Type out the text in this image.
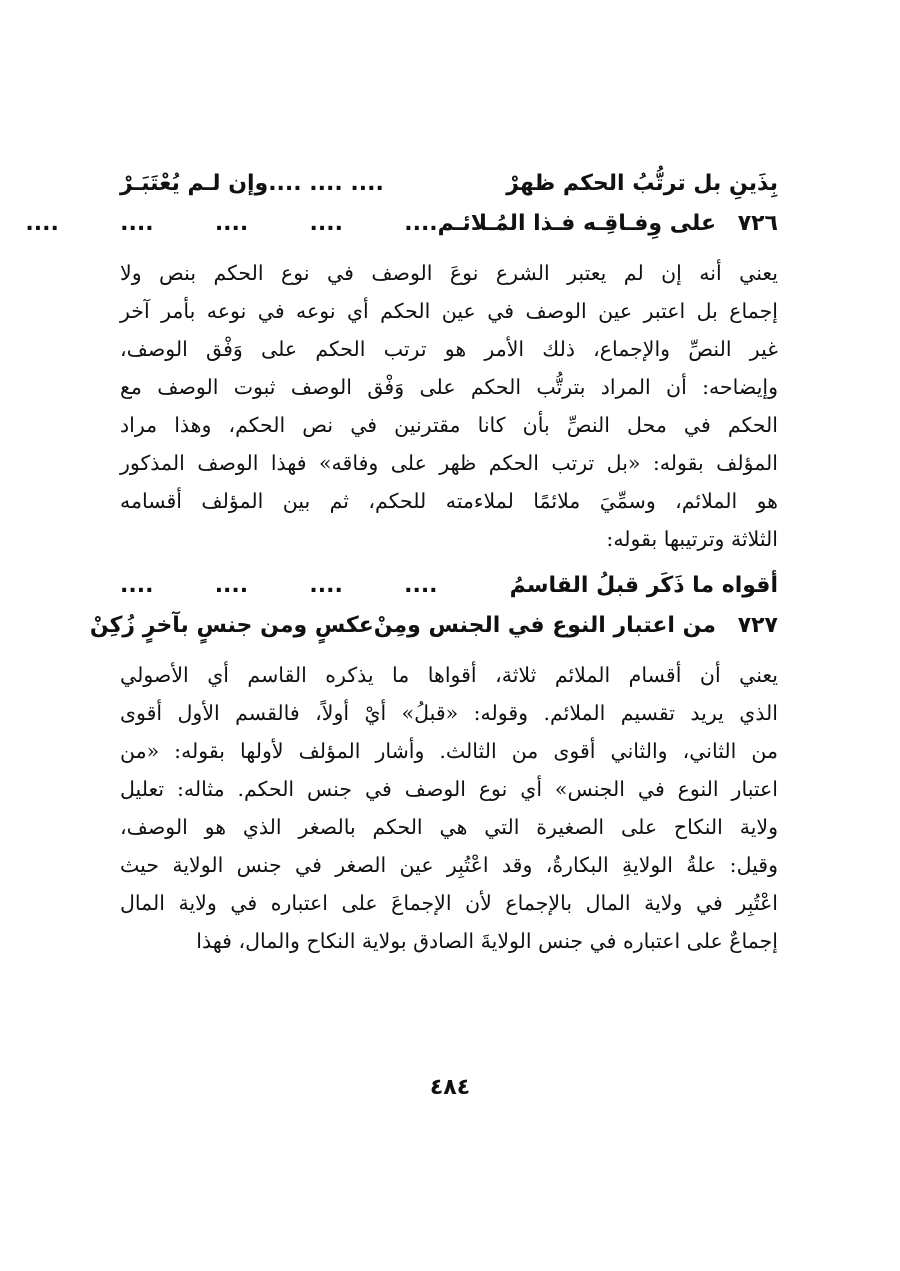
بِذَينِ بل ترتُّبُ الحكم ظهرْ
.... .... ....وإن لـم يُعْتَبَـرْ
٧٢٦ على وِفـاقِـه فـذا المُـلائـم
....        ....        ....        ....        ....
يعني أنه إن لم يعتبر الشرع نوعَ الوصف في نوع الحكم بنص ولا
إجماع بل اعتبر عين الوصف في عين الحكم أي نوعه في نوعه بأمر آخر
غير النصِّ والإجماع، ذلك الأمر هو ترتب الحكم على وَفْق الوصف،
وإيضاحه: أن المراد بترتُّب الحكم على وَفْق الوصف ثبوت الوصف مع
الحكم في محل النصِّ بأن كانا مقترنين في نص الحكم، وهذا مراد
المؤلف بقوله: «بل ترتب الحكم ظهر على وفاقه» فهذا الوصف المذكور
هو الملائم، وسمِّيَ ملائمًا لملاءمته للحكم، ثم بين المؤلف أقسامه
الثلاثة وترتيبها بقوله:
أقواه ما ذَكَر قبلُ القاسمُ
....        ....        ....        ....
٧٢٧ من اعتبار النوع في الجنس ومِنْ
عكسٍ ومن جنسٍ بآخرٍ زُكِنْ
يعني أن أقسام الملائم ثلاثة، أقواها ما يذكره القاسم أي الأصولي
الذي يريد تقسيم الملائم. وقوله: «قبلُ» أيْ أولاً، فالقسم الأول أقوى
من الثاني، والثاني أقوى من الثالث. وأشار المؤلف لأولها بقوله: «من
اعتبار النوع في الجنس» أي نوع الوصف في جنس الحكم. مثاله: تعليل
ولاية النكاح على الصغيرة التي هي الحكم بالصغر الذي هو الوصف،
وقيل: علةُ الولايةِ البكارةُ، وقد اعْتُبِر عين الصغر في جنس الولاية حيث
اعْتُبِر في ولاية المال بالإجماع لأن الإجماعَ على اعتباره في ولاية المال
إجماعٌ على اعتباره في جنس الولايةَ الصادق بولاية النكاح والمال، فهذا
٤٨٤
